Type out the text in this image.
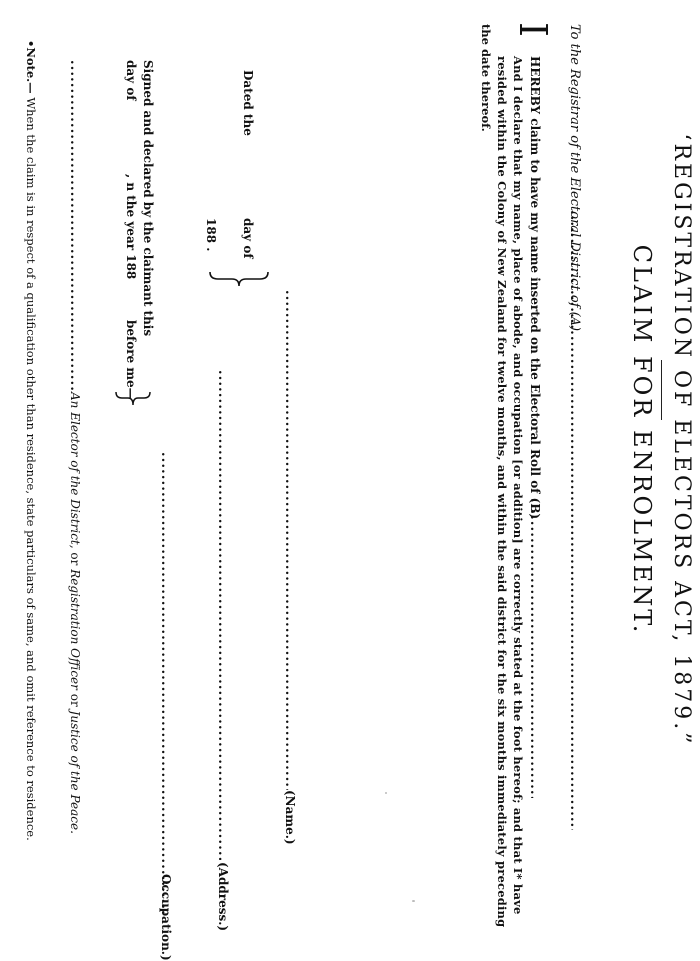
‘REGISTRATION OF ELECTORS ACT, 1879.”
CLAIM FOR ENROLMENT.
To the Registrar of the Electoral District of (A)
.....
I
HEREBY claim to have my name inserted on the Electoral Roll of (B)
.....
And I declare that my name, place of abode, and occupation [or addition] are correctly stated at the foot hereof; and that I* have
resided within the Colony of New Zealand for twelve months, and within the said district for the six months immediately preceding
the date thereof.
.....
(Name.)
Dated the
day of
188 .
.....
(Address.)
.....
Occupation.)
Signed and declared by the claimant this
day of
, n the year 188
before me—
.....
An Elector of the District, or Registration Officer or Justice of the Peace.
•Note.— When the claim is in respect of a qualification other than residence, state particulars of same, and omit reference to residence.
